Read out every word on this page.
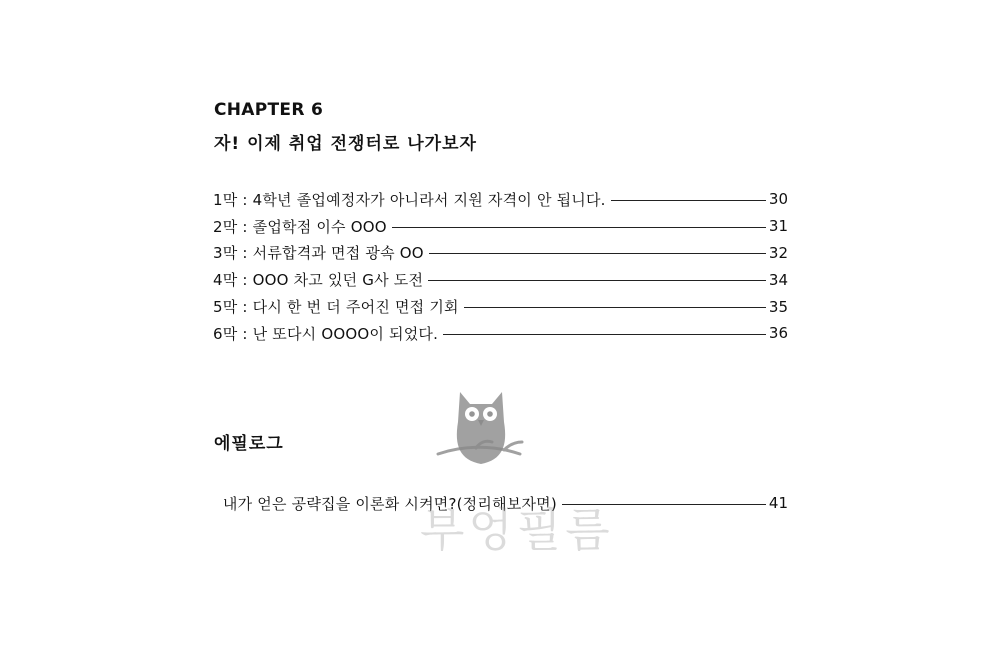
CHAPTER 6
자! 이제 취업 전쟁터로 나가보자
1막 : 4학년 졸업예정자가 아니라서 지원 자격이 안 됩니다.	30
2막 : 졸업학점 이수 OOO	31
3막 : 서류합격과 면접 광속 OO	32
4막 : OOO 차고 있던 G사 도전	34
5막 : 다시 한 번 더 주어진 면접 기회	35
6막 : 난 또다시 OOOO이 되었다.	36
에필로그
내가 얻은 공략집을 이론화 시켜면?(정리해보자면)	41
부엉필름
